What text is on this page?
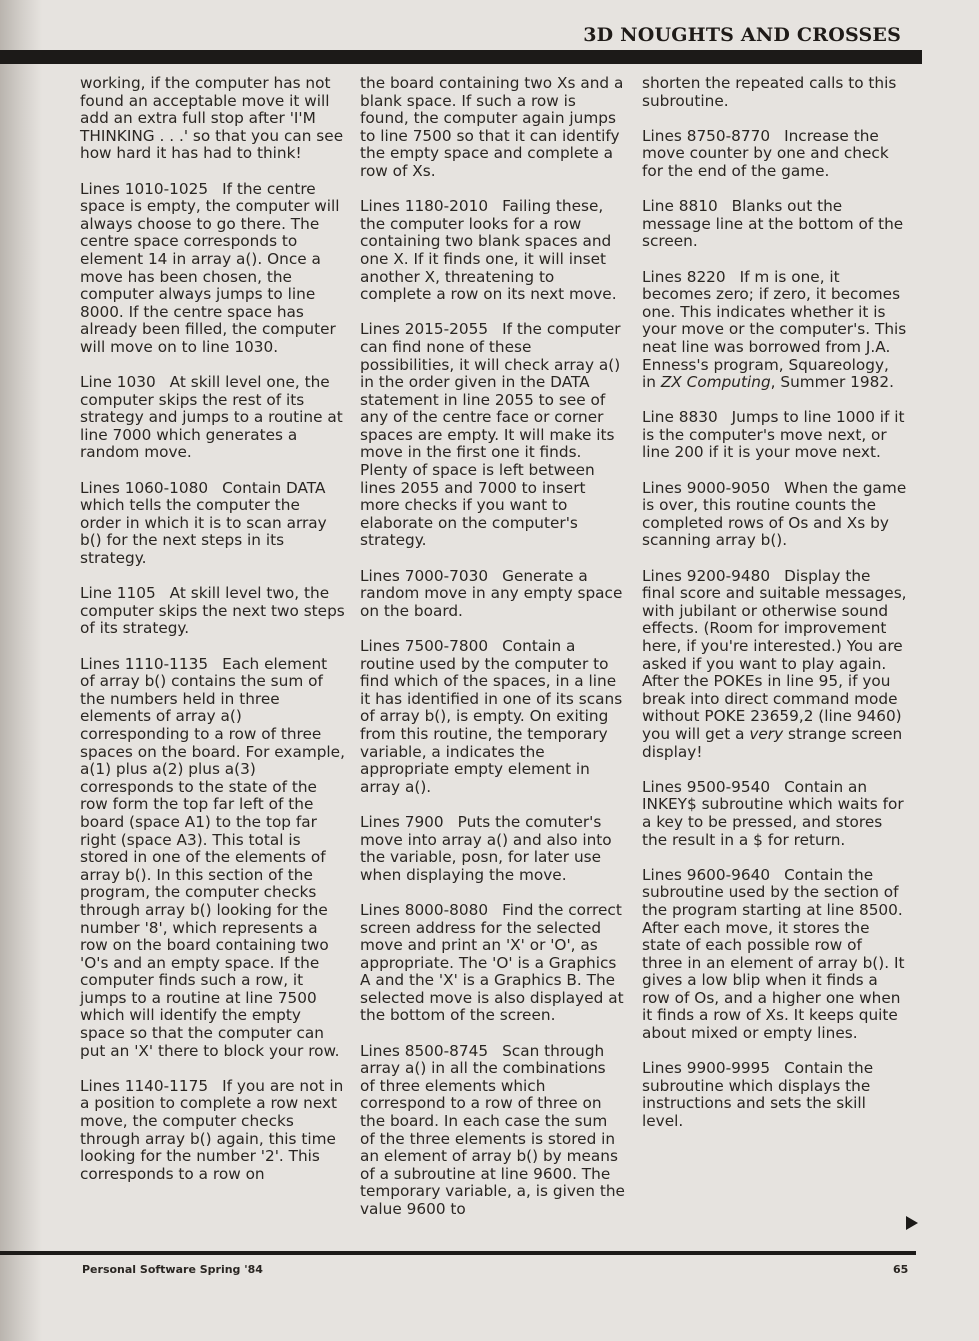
3D NOUGHTS AND CROSSES

working, if the computer has not found an acceptable move it will add an extra full stop after 'I'M THINKING . . .' so that you can see how hard it has had to think!

Lines 1010-1025 If the centre space is empty, the computer will always choose to go there. The centre space corresponds to element 14 in array a(). Once a move has been chosen, the computer always jumps to line 8000. If the centre space has already been filled, the computer will move on to line 1030.

Line 1030 At skill level one, the computer skips the rest of its strategy and jumps to a routine at line 7000 which generates a random move.

Lines 1060-1080 Contain DATA which tells the computer the order in which it is to scan array b() for the next steps in its strategy.

Line 1105 At skill level two, the computer skips the next two steps of its strategy.

Lines 1110-1135 Each element of array b() contains the sum of the numbers held in three elements of array a() corresponding to a row of three spaces on the board. For example, a(1) plus a(2) plus a(3) corresponds to the state of the row form the top far left of the board (space A1) to the top far right (space A3). This total is stored in one of the elements of array b(). In this section of the program, the computer checks through array b() looking for the number '8', which represents a row on the board containing two 'O's and an empty space. If the computer finds such a row, it jumps to a routine at line 7500 which will identify the empty space so that the computer can put an 'X' there to block your row.

Lines 1140-1175 If you are not in a position to complete a row next move, the computer checks through array b() again, this time looking for the number '2'. This corresponds to a row on

the board containing two Xs and a blank space. If such a row is found, the computer again jumps to line 7500 so that it can identify the empty space and complete a row of Xs.

Lines 1180-2010 Failing these, the computer looks for a row containing two blank spaces and one X. If it finds one, it will inset another X, threatening to complete a row on its next move.

Lines 2015-2055 If the computer can find none of these possibilities, it will check array a() in the order given in the DATA statement in line 2055 to see of any of the centre face or corner spaces are empty. It will make its move in the first one it finds. Plenty of space is left between lines 2055 and 7000 to insert more checks if you want to elaborate on the computer's strategy.

Lines 7000-7030 Generate a random move in any empty space on the board.

Lines 7500-7800 Contain a routine used by the computer to find which of the spaces, in a line it has identified in one of its scans of array b(), is empty. On exiting from this routine, the temporary variable, a indicates the appropriate empty element in array a().

Lines 7900 Puts the comuter's move into array a() and also into the variable, posn, for later use when displaying the move.

Lines 8000-8080 Find the correct screen address for the selected move and print an 'X' or 'O', as appropriate. The 'O' is a Graphics A and the 'X' is a Graphics B. The selected move is also displayed at the bottom of the screen.

Lines 8500-8745 Scan through array a() in all the combinations of three elements which correspond to a row of three on the board. In each case the sum of the three elements is stored in an element of array b() by means of a subroutine at line 9600. The temporary variable, a, is given the value 9600 to

shorten the repeated calls to this subroutine.

Lines 8750-8770 Increase the move counter by one and check for the end of the game.

Line 8810 Blanks out the message line at the bottom of the screen.

Lines 8220 If m is one, it becomes zero; if zero, it becomes one. This indicates whether it is your move or the computer's. This neat line was borrowed from J.A. Enness's program, Squareology, in ZX Computing, Summer 1982.

Line 8830 Jumps to line 1000 if it is the computer's move next, or line 200 if it is your move next.

Lines 9000-9050 When the game is over, this routine counts the completed rows of Os and Xs by scanning array b().

Lines 9200-9480 Display the final score and suitable messages, with jubilant or otherwise sound effects. (Room for improvement here, if you're interested.) You are asked if you want to play again. After the POKEs in line 95, if you break into direct command mode without POKE 23659,2 (line 9460) you will get a very strange screen display!

Lines 9500-9540 Contain an INKEY$ subroutine which waits for a key to be pressed, and stores the result in a $ for return.

Lines 9600-9640 Contain the subroutine used by the section of the program starting at line 8500. After each move, it stores the state of each possible row of three in an element of array b(). It gives a low blip when it finds a row of Os, and a higher one when it finds a row of Xs. It keeps quite about mixed or empty lines.

Lines 9900-9995 Contain the subroutine which displays the instructions and sets the skill level.

Personal Software Spring '84	65
